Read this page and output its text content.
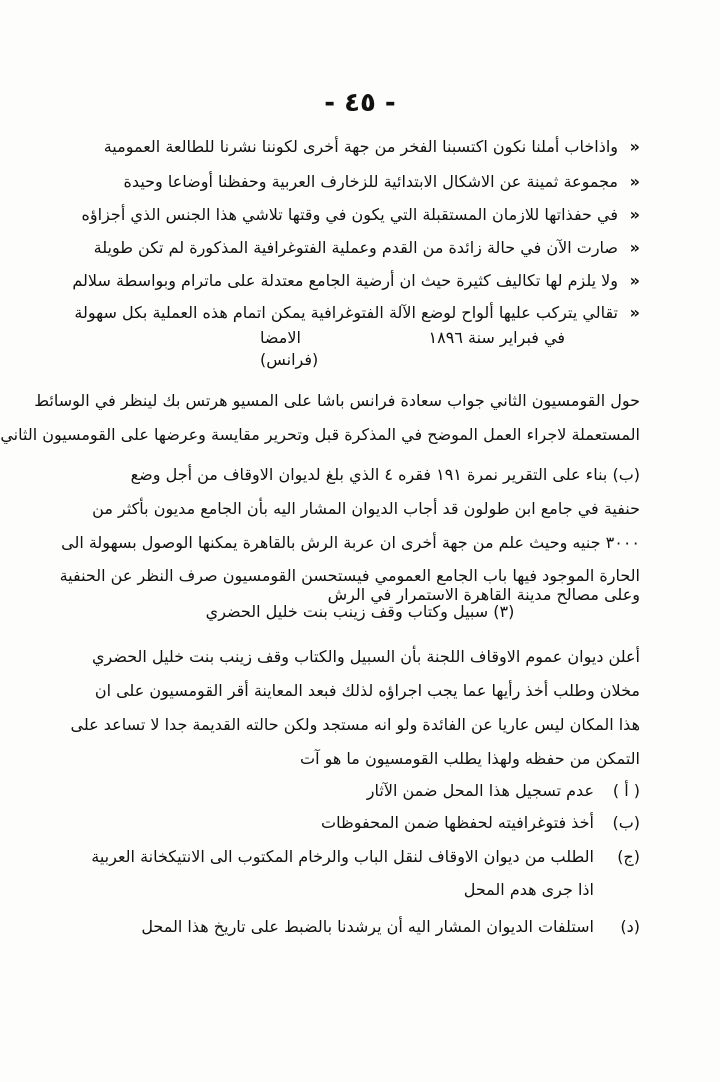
- ٤٥ -
«واذاخاب أملنا نكون اكتسبنا الفخر من جهة أخرى لكوننا نشرنا للطالعة العمومية
«مجموعة ثمينة عن الاشكال الابتدائية للزخارف العربية وحفظنا أوضاعا وحيدة
«في حفذاتها للازمان المستقبلة التي يكون في وقتها تلاشي هذا الجنس الذي أجزاؤه
«صارت الآن في حالة زائدة من القدم وعملية الفتوغرافية المذكورة لم تكن طويلة
«ولا يلزم لها تكاليف كثيرة حيث ان أرضية الجامع معتدلة على ماترام وبواسطة سلالم
«تقالي يتركب عليها ألواح لوضع الآلة الفتوغرافية يمكن اتمام هذه العملية بكل سهولة
في فبراير سنة ١٨٩٦
الامضا
(فرانس)
حول القومسيون الثاني جواب سعادة فرانس باشا على المسيو هرتس بك لينظر في الوسائط
المستعملة لاجراء العمل الموضح في المذكرة قبل وتحرير مقايسة وعرضها على القومسيون الثاني
(ب) بناء على التقرير نمرة ١٩١ فقره ٤ الذي بلغ لديوان الاوقاف من أجل وضع
حنفية في جامع ابن طولون قد أجاب الديوان المشار اليه بأن الجامع مديون بأكثر من
٣٠٠٠ جنيه وحيث علم من جهة أخرى ان عربة الرش بالقاهرة يمكنها الوصول بسهولة الى
الحارة الموجود فيها باب الجامع العمومي فيستحسن القومسيون صرف النظر عن الحنفية
وعلى مصالح مدينة القاهرة الاستمرار في الرش
(٣) سبيل وكتاب وقف زينب بنت خليل الحضري
أعلن ديوان عموم الاوقاف اللجنة بأن السبيل والكتاب وقف زينب بنت خليل الحضري
مخلان وطلب أخذ رأيها عما يجب اجراؤه لذلك فبعد المعاينة أقر القومسيون على ان
هذا المكان ليس عاريا عن الفائدة ولو انه مستجد ولكن حالته القديمة جدا لا تساعد على
التمكن من حفظه ولهذا يطلب القومسيون ما هو آت
( أ )عدم تسجيل هذا المحل ضمن الآثار
(ب)أخذ فتوغرافيته لحفظها ضمن المحفوظات
(ج)الطلب من ديوان الاوقاف لنقل الباب والرخام المكتوب الى الانتيكخانة العربية
اذا جرى هدم المحل
(د)استلفات الديوان المشار اليه أن يرشدنا بالضبط على تاريخ هذا المحل
